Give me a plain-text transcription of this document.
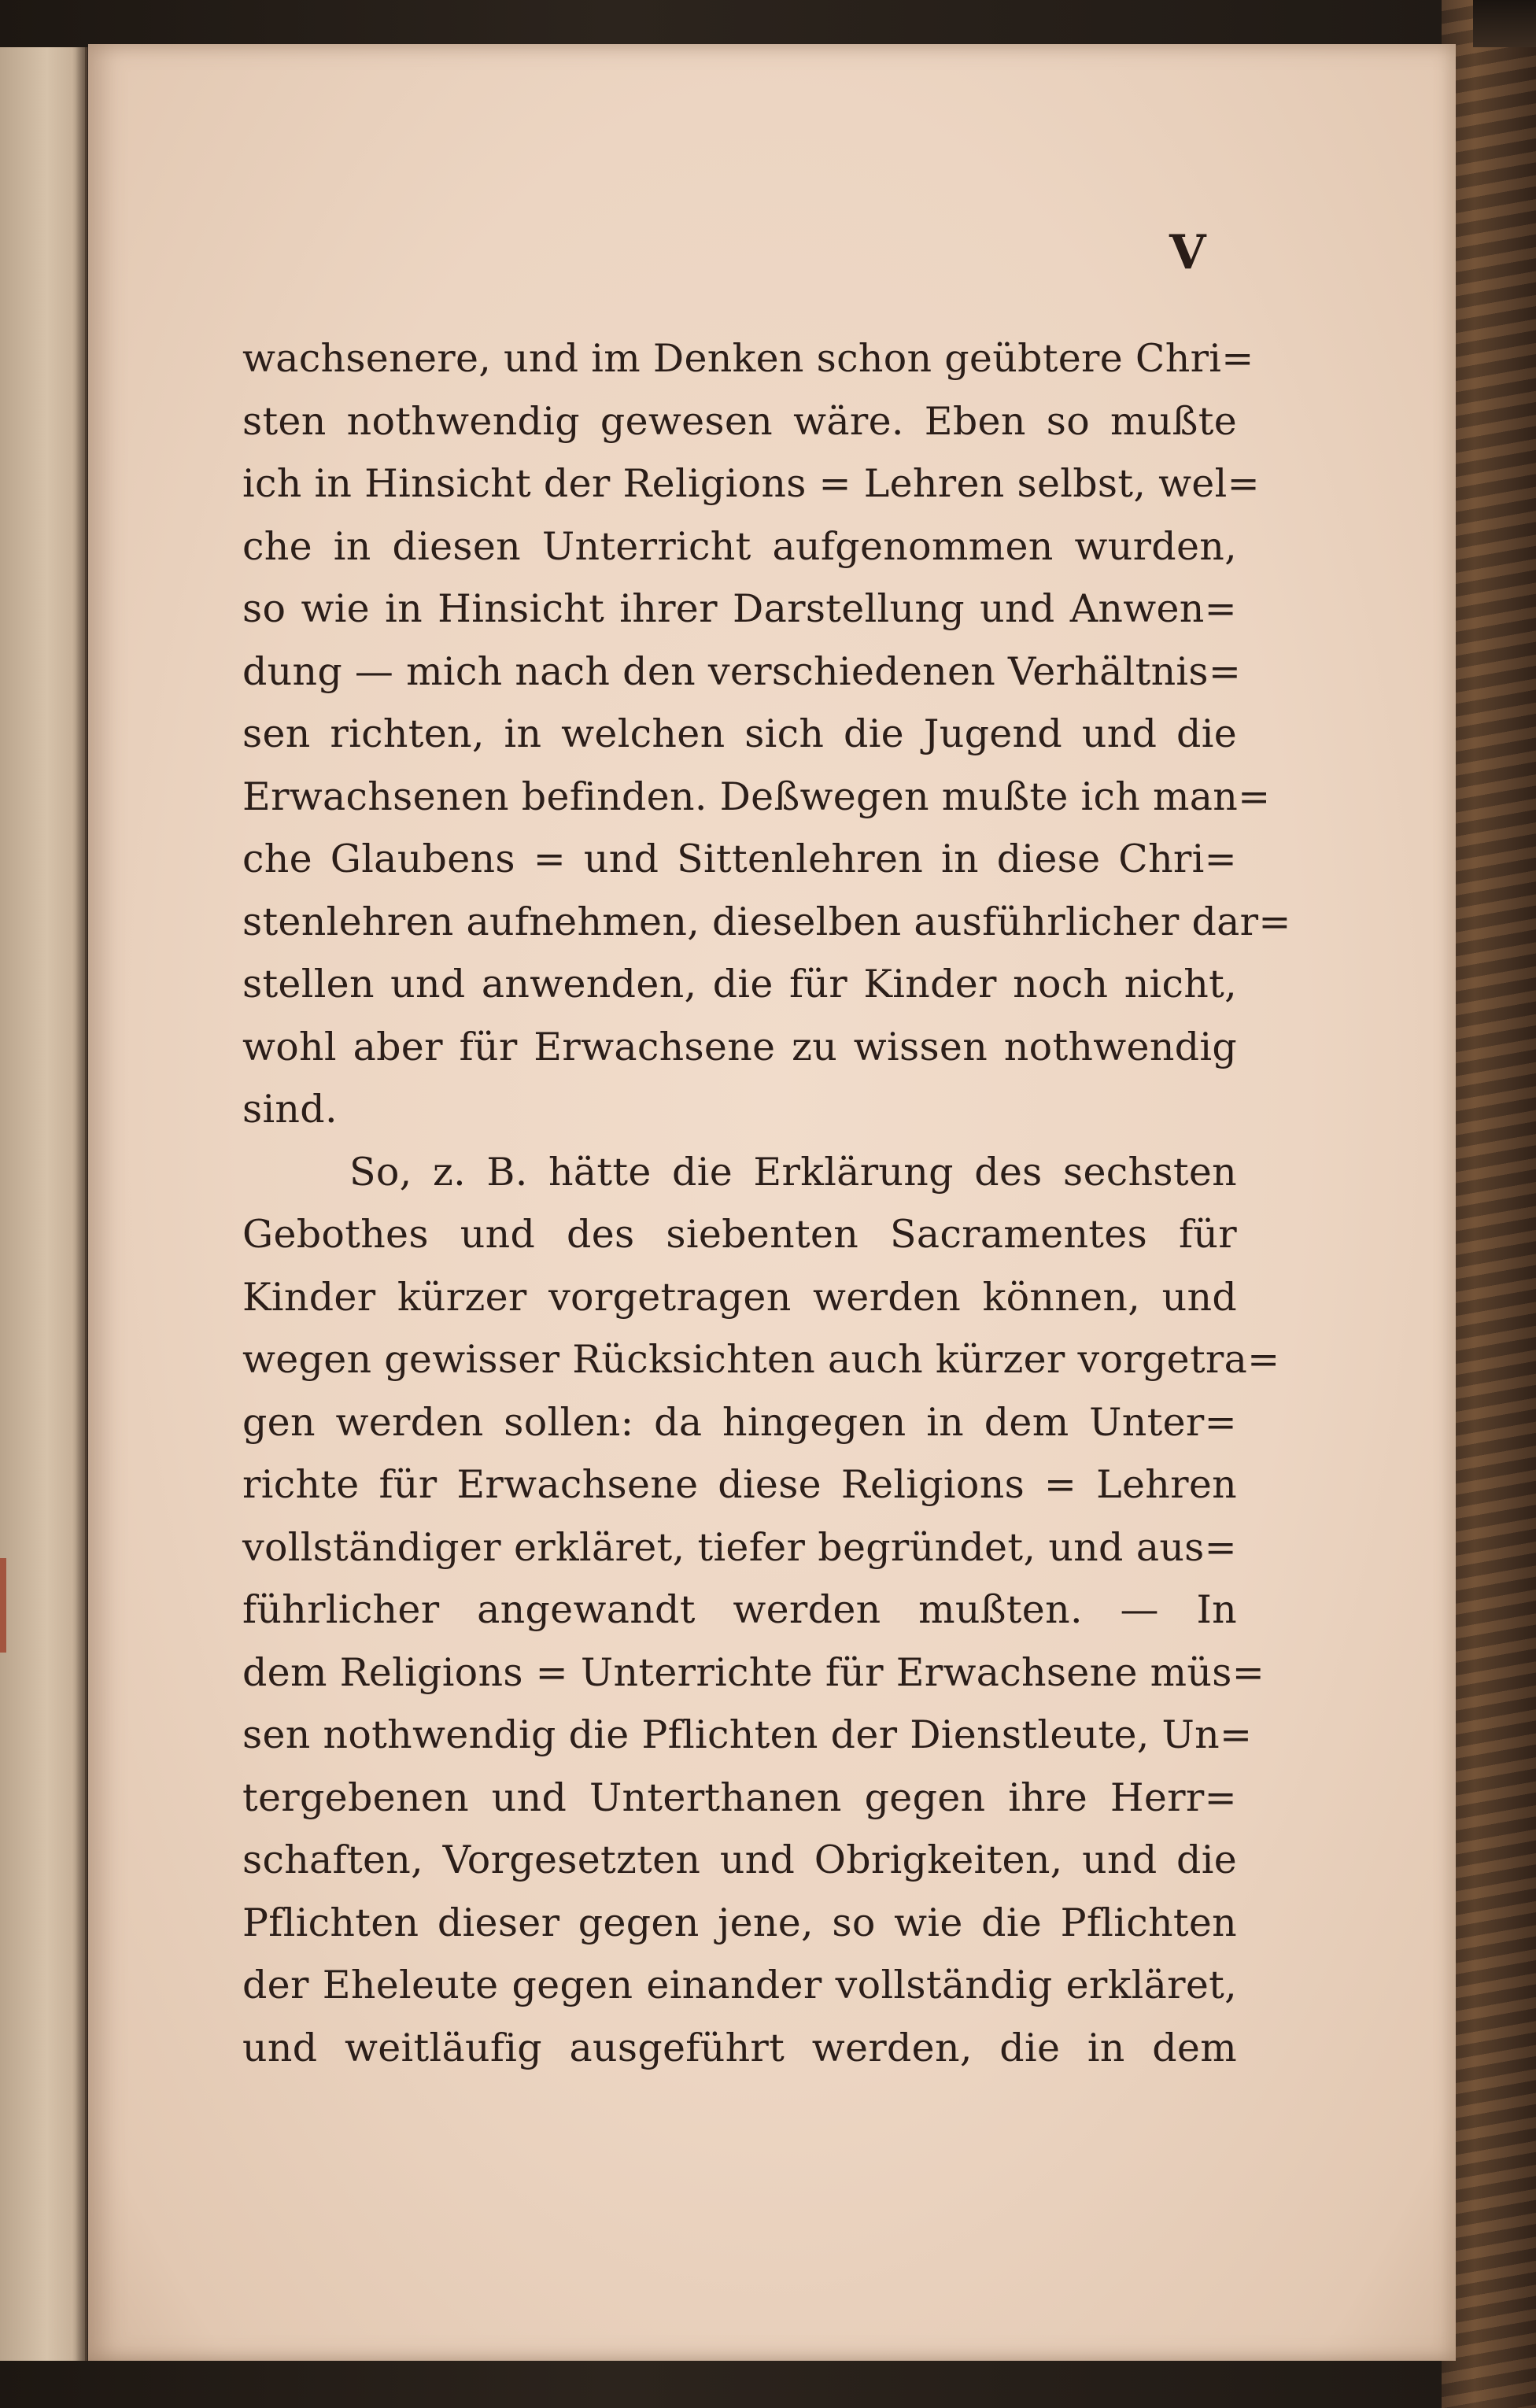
V
wachsenere, und im Denken schon geübtere Chri=
sten nothwendig gewesen wäre. Eben so mußte
ich in Hinsicht der Religions = Lehren selbst, wel=
che in diesen Unterricht aufgenommen wurden,
so wie in Hinsicht ihrer Darstellung und Anwen=
dung — mich nach den verschiedenen Verhältnis=
sen richten, in welchen sich die Jugend und die
Erwachsenen befinden. Deßwegen mußte ich man=
che Glaubens = und Sittenlehren in diese Chri=
stenlehren aufnehmen, dieselben ausführlicher dar=
stellen und anwenden, die für Kinder noch nicht,
wohl aber für Erwachsene zu wissen nothwendig
sind.
So, z. B. hätte die Erklärung des sechsten
Gebothes und des siebenten Sacramentes für
Kinder kürzer vorgetragen werden können, und
wegen gewisser Rücksichten auch kürzer vorgetra=
gen werden sollen: da hingegen in dem Unter=
richte für Erwachsene diese Religions = Lehren
vollständiger erkläret, tiefer begründet, und aus=
führlicher angewandt werden mußten. — In
dem Religions = Unterrichte für Erwachsene müs=
sen nothwendig die Pflichten der Dienstleute, Un=
tergebenen und Unterthanen gegen ihre Herr=
schaften, Vorgesetzten und Obrigkeiten, und die
Pflichten dieser gegen jene, so wie die Pflichten
der Eheleute gegen einander vollständig erkläret,
und weitläufig ausgeführt werden, die in dem
